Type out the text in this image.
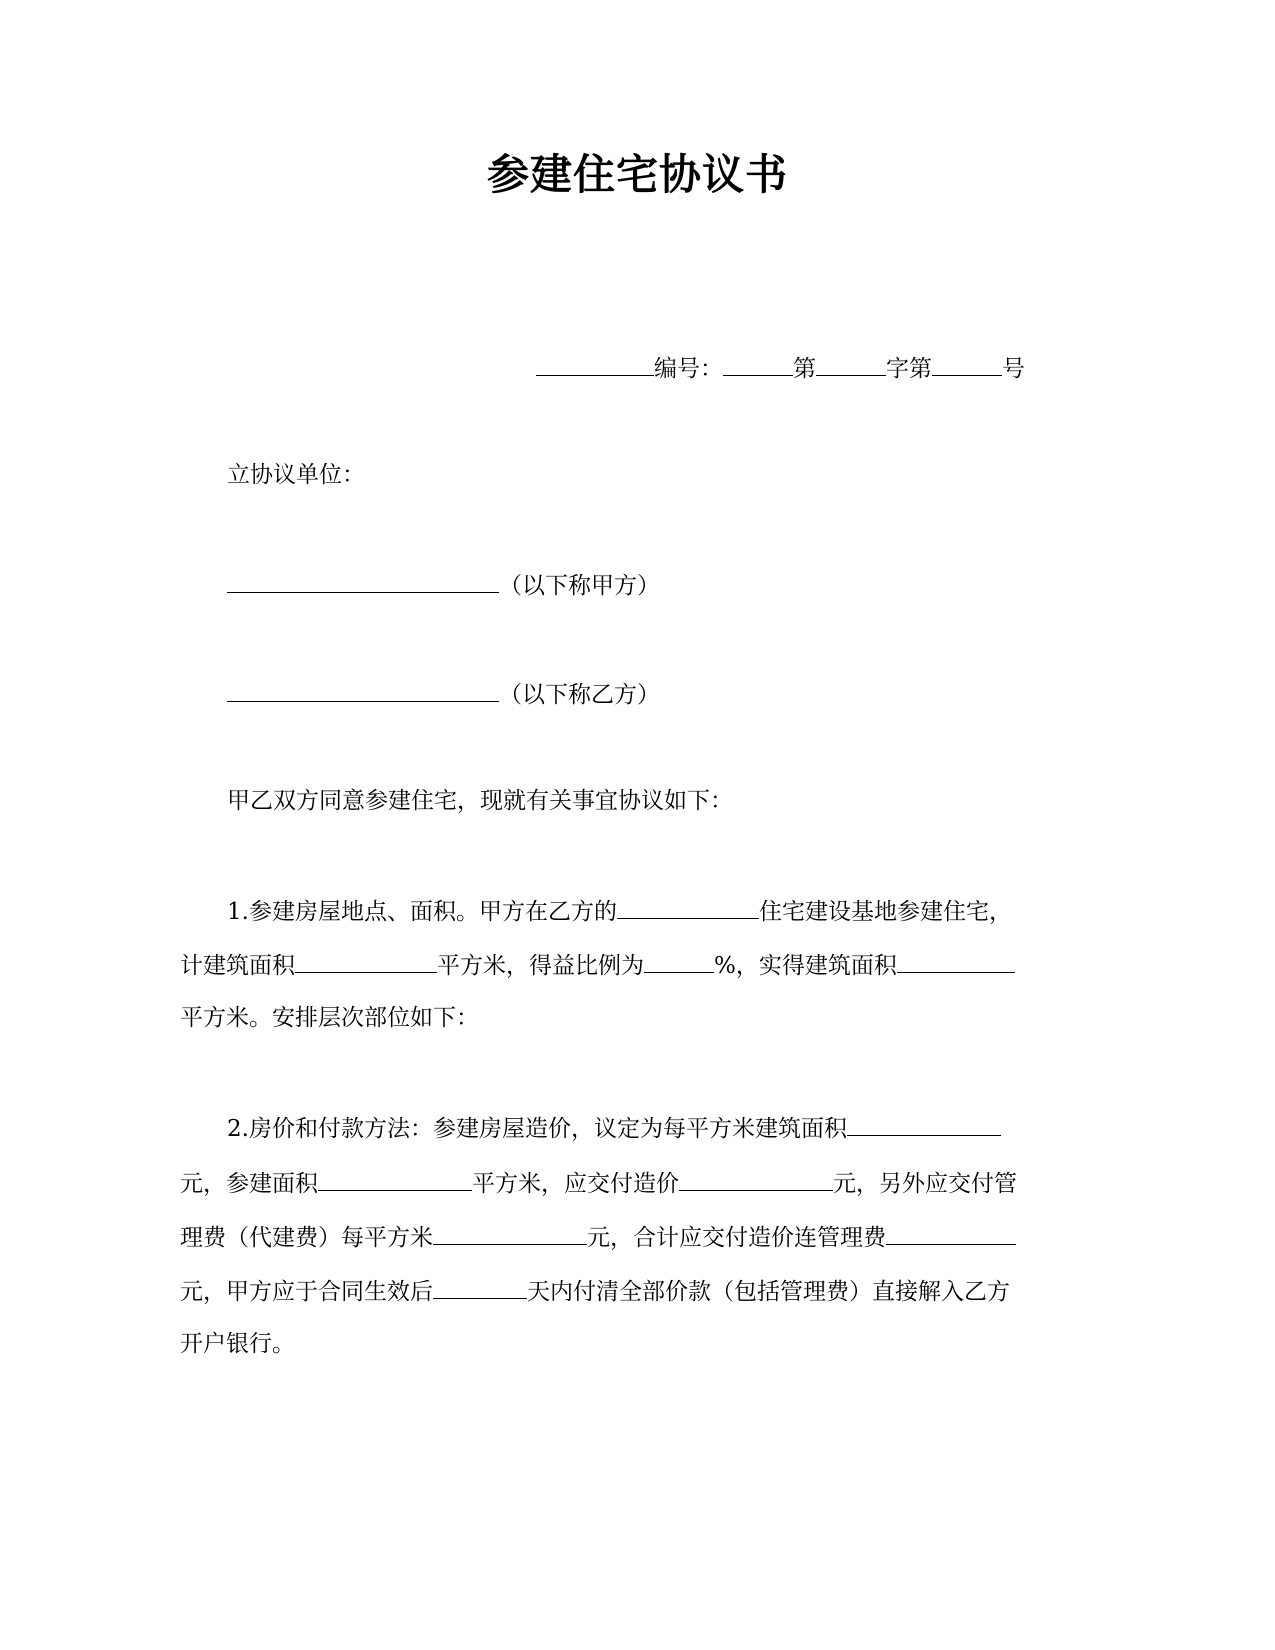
参建住宅协议书
编号：	第	字第	号
立协议单位：
（以下称甲方）
（以下称乙方）
甲乙双方同意参建住宅，现就有关事宜协议如下：
1.参建房屋地点、面积。甲方在乙方的	住宅建设基地参建住宅，
计建筑面积	平方米，得益比例为	%，实得建筑面积
平方米。安排层次部位如下：
2.房价和付款方法：参建房屋造价，议定为每平方米建筑面积
元，参建面积	平方米，应交付造价	元，另外应交付管
理费（代建费）每平方米	元，合计应交付造价连管理费
元，甲方应于合同生效后	天内付清全部价款（包括管理费）直接解入乙方
开户银行。
